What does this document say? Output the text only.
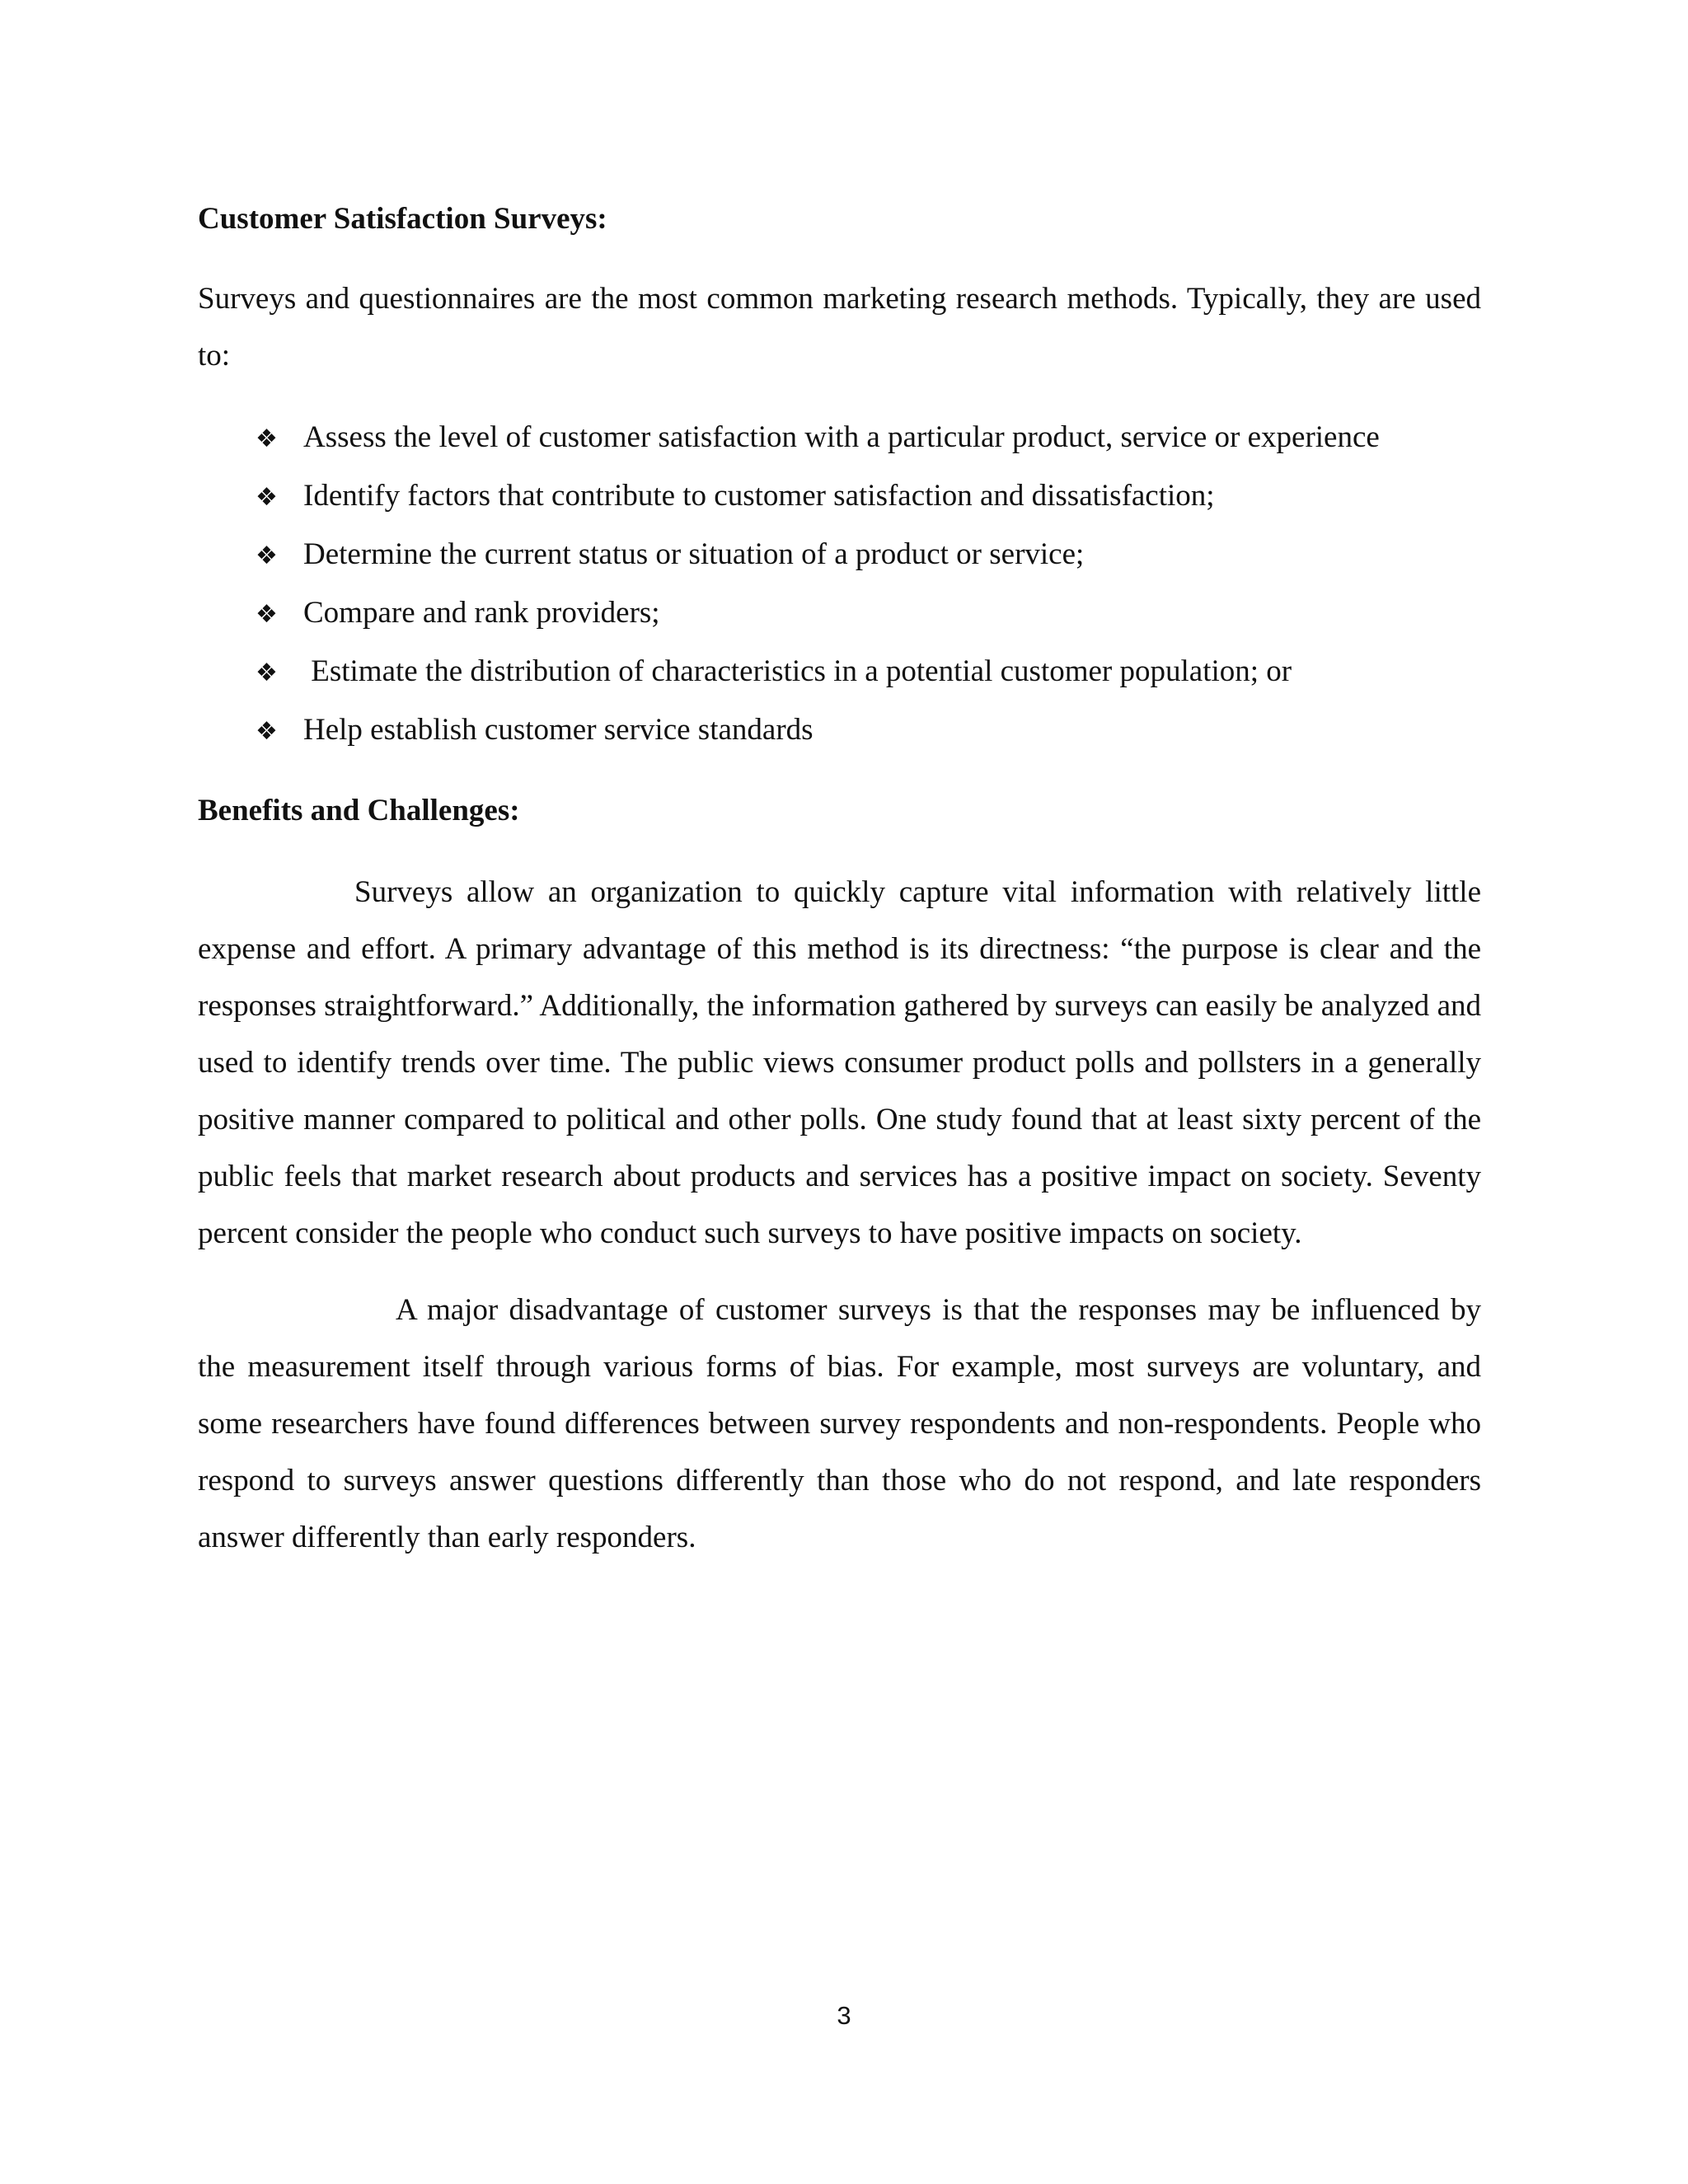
Customer Satisfaction Surveys:

Surveys and questionnaires are the most common marketing research methods. Typically, they are used to:

❖ Assess the level of customer satisfaction with a particular product, service or experience
❖ Identify factors that contribute to customer satisfaction and dissatisfaction;
❖ Determine the current status or situation of a product or service;
❖ Compare and rank providers;
❖ Estimate the distribution of characteristics in a potential customer population; or
❖ Help establish customer service standards

Benefits and Challenges:

Surveys allow an organization to quickly capture vital information with relatively little expense and effort. A primary advantage of this method is its directness: “the purpose is clear and the responses straightforward.” Additionally, the information gathered by surveys can easily be analyzed and used to identify trends over time. The public views consumer product polls and pollsters in a generally positive manner compared to political and other polls. One study found that at least sixty percent of the public feels that market research about products and services has a positive impact on society. Seventy percent consider the people who conduct such surveys to have positive impacts on society.

A major disadvantage of customer surveys is that the responses may be influenced by the measurement itself through various forms of bias. For example, most surveys are voluntary, and some researchers have found differences between survey respondents and non-respondents. People who respond to surveys answer questions differently than those who do not respond, and late responders answer differently than early responders.

3
